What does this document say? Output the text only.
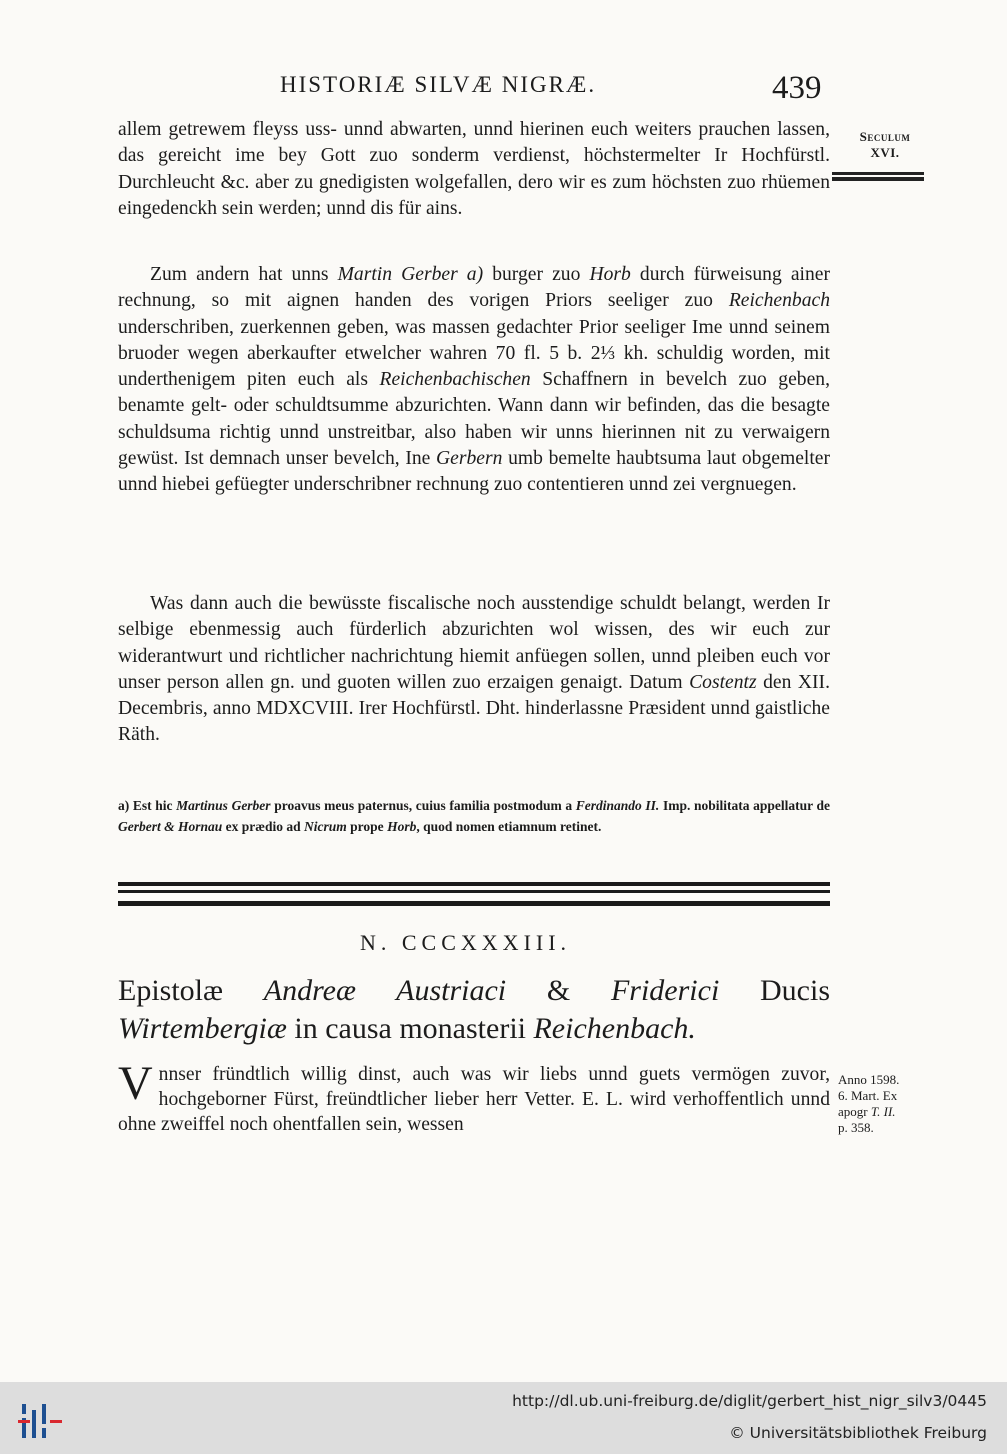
HISTORIÆ SILVÆ NIGRÆ.	439
Seculum
XVI.

allem getrewem fleyss uss- unnd abwarten, unnd hierinen euch weiters prauchen lassen, das gereicht ime bey Gott zuo sonderm verdienst, höchstermelter Ir Hochfürstl. Durchleucht &c. aber zu gnedigisten wolgefallen, dero wir es zum höchsten zuo rhüemen eingedenckh sein werden; unnd dis für ains.

Zum andern hat unns Martin Gerber a) burger zuo Horb durch fürweisung ainer rechnung, so mit aignen handen des vorigen Priors seeliger zuo Reichenbach underschriben, zuerkennen geben, was massen gedachter Prior seeliger Ime unnd seinem bruoder wegen aberkaufter etwelcher wahren 70 fl. 5 b. 2⅓ kh. schuldig worden, mit underthenigem piten euch als Reichenbachischen Schaffnern in bevelch zuo geben, benamte gelt- oder schuldtsumme abzurichten. Wann dann wir befinden, das die besagte schuldsuma richtig unnd unstreitbar, also haben wir unns hierinnen nit zu verwaigern gewüst. Ist demnach unser bevelch, Ine Gerbern umb bemelte haubtsuma laut obgemelter unnd hiebei gefüegter underschribner rechnung zuo contentieren unnd zei vergnuegen.

Was dann auch die bewüsste fiscalische noch ausstendige schuldt belangt, werden Ir selbige ebenmessig auch fürderlich abzurichten wol wissen, des wir euch zur widerantwurt und richtlicher nachrichtung hiemit anfüegen sollen, unnd pleiben euch vor unser person allen gn. und guoten willen zuo erzaigen genaigt. Datum Costentz den XII. Decembris, anno MDXCVIII. Irer Hochfürstl. Dht. hinderlassne Præsident unnd gaistliche Räth.

a) Est hic Martinus Gerber proavus meus paternus, cuius familia postmodum a Ferdinando II. Imp. nobilitata appellatur de Gerbert & Hornau ex prædio ad Nicrum prope Horb, quod nomen etiamnum retinet.
N. CCCXXXIII.
Epistolæ Andreæ Austriaci & Friderici Ducis Wirtembergiæ in causa monasterii Reichenbach.
Vnnser fründtlich willig dinst, auch was wir liebs unnd guets vermögen zuvor, hochgeborner Fürst, freündtlicher lieber herr Vetter. E. L. wird verhoffentlich unnd ohne zweiffel noch ohentfallen sein, wessen
Anno 1598.
6. Mart. Ex
apogr T. II.
p. 358.
http://dl.ub.uni-freiburg.de/diglit/gerbert_hist_nigr_silv3/0445
© Universitätsbibliothek Freiburg
